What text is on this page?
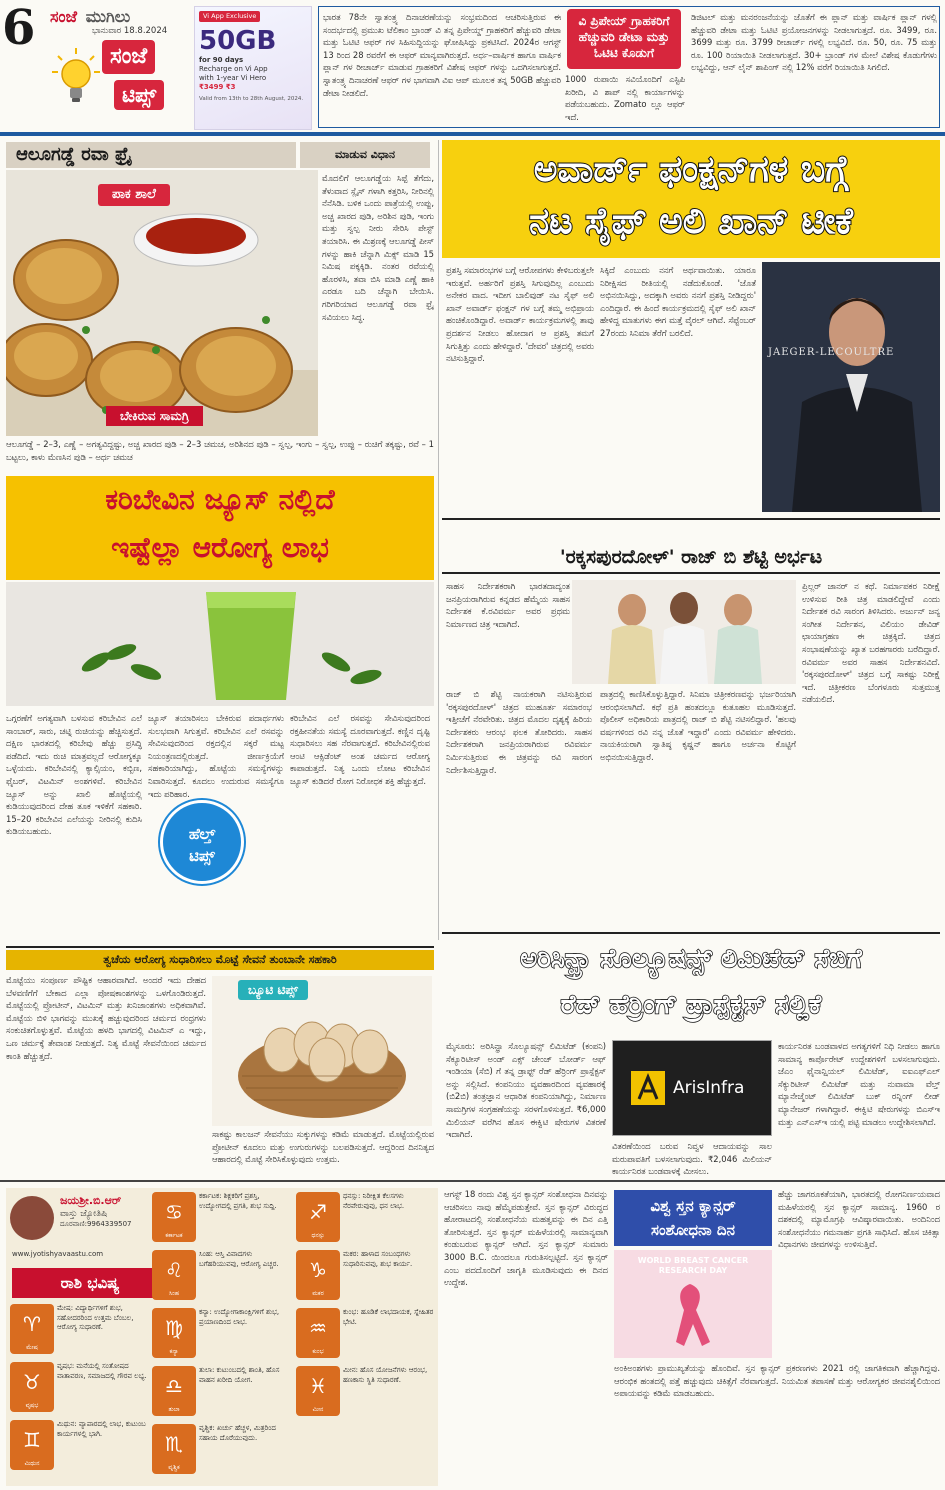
6 ಸಂಜೆ ಮುಗಿಲು
ಭಾನುವಾರ 18.8.2024
ಸಂಜೆ
ಟಿಪ್ಸ್
Vi App Exclusive
50GB
for 90 days
Recharge on Vi App
with 1-year Vi Hero
₹3499 ₹3
Valid from 13th to 28th August, 2024.
ಭಾರತ 78ನೇ ಸ್ವಾತಂತ್ರ್ಯ ದಿನಾಚರಣೆಯನ್ನು ಸಂಭ್ರಮದಿಂದ ಆಚರಿಸುತ್ತಿರುವ ಈ ಸಂದರ್ಭದಲ್ಲಿ ಪ್ರಮುಖ ಟೆಲಿಕಾಂ ಬ್ರಾಂಡ್ ವಿ ತನ್ನ ಪ್ರಿಪೇಯ್ಡ್ ಗ್ರಾಹಕರಿಗೆ ಹೆಚ್ಚುವರಿ ಡೇಟಾ ಮತ್ತು ಓಟಿಟಿ ಆಫರ್ ಗಳ ಸಿಹಿಸುದ್ದಿಯನ್ನು ಘೋಷಿಸಿದ್ದು ಪ್ರಕಟಿಸಿದೆ. 2024ರ ಆಗಸ್ಟ್ 13 ರಿಂದ 28 ರವರೆಗೆ ಈ ಆಫರ್ ಮಾನ್ಯವಾಗಿರುತ್ತದೆ. ಅರ್ಧ–ವಾರ್ಷಿಕ ಹಾಗೂ ವಾರ್ಷಿಕ ಪ್ಲಾನ್ ಗಳ ರೀಚಾರ್ಜ್ ಮಾಡುವ ಗ್ರಾಹಕರಿಗೆ ವಿಶೇಷ ಆಫರ್ ಗಳನ್ನು ಒದಗಿಸಲಾಗುತ್ತದೆ. ಸ್ವಾತಂತ್ರ್ಯ ದಿನಾಚರಣೆ ಆಫರ್ ಗಳ ಭಾಗವಾಗಿ ವಿಐ ಆಪ್ ಮೂಲಕ ತನ್ನ 50GB ಹೆಚ್ಚುವರಿ ಡೇಟಾ ನೀಡಲಿದೆ.
ವಿ ಪ್ರಿಪೇಯ್ ಗ್ರಾಹಕರಿಗೆ ಹೆಚ್ಚುವರಿ ಡೇಟಾ ಮತ್ತು ಓಟಿಟಿ ಕೊಡುಗೆ
1000 ರುಪಾಯಿ ಸವಿಯೊಂದಿಗೆ ಎಸ್ಟಿಪಿ ಖರೀದಿ, ವಿ ಶಾಪ್ ನಲ್ಲಿ ಕಾರ್ಯಾಗಳನ್ನು ಪಡೆಯಬಹುದು. Zomato ಲ್ಲೂ ಆಫರ್ ಇದೆ.
ಡಿಜಿಟಲ್ ಮತ್ತು ಮನರಂಜನೆಯನ್ನು ಜೊತೆಗೆ ಈ ಪ್ಲಾನ್ ಮತ್ತು ವಾರ್ಷಿಕ ಪ್ಲಾನ್ ಗಳಲ್ಲಿ ಹೆಚ್ಚುವರಿ ಡೇಟಾ ಮತ್ತು ಓಟಿಟಿ ಪ್ರಯೋಜನಗಳನ್ನು ನೀಡಲಾಗುತ್ತದೆ. ರೂ. 3499, ರೂ. 3699 ಮತ್ತು ರೂ. 3799 ರೀಚಾರ್ಜ್ ಗಳಲ್ಲಿ ಲಭ್ಯವಿದೆ. ರೂ. 50, ರೂ. 75 ಮತ್ತು ರೂ. 100 ರಿಯಾಯಿತಿ ನೀಡಲಾಗುತ್ತದೆ. 30+ ಬ್ರಾಂಡ್ ಗಳ ಮೇಲೆ ವಿಶೇಷ ಕೊಡುಗೆಗಳು ಲಭ್ಯವಿದ್ದು, ಆನ್ ಲೈನ್ ಶಾಪಿಂಗ್ ನಲ್ಲಿ 12% ವರೆಗೆ ರಿಯಾಯಿತಿ ಸಿಗಲಿದೆ.
ಆಲೂಗಡ್ಡೆ ರವಾ ಫ್ರೈ	ಮಾಡುವ ವಿಧಾನ
ಪಾಕ ಶಾಲೆ
ಬೇಕಿರುವ ಸಾಮಗ್ರಿ
ಮೊದಲಿಗೆ ಆಲೂಗಡ್ಡೆಯ ಸಿಪ್ಪೆ ತೆಗೆದು, ತೆಳುವಾದ ಸ್ಲೈಸ್ ಗಳಾಗಿ ಕತ್ತರಿಸಿ, ನೀರಿನಲ್ಲಿ ನೆನೆಸಿಡಿ. ಬಳಿಕ ಒಂದು ಪಾತ್ರೆಯಲ್ಲಿ ಉಪ್ಪು, ಅಚ್ಚ ಖಾರದ ಪುಡಿ, ಅರಿಶಿನ ಪುಡಿ, ಇಂಗು ಮತ್ತು ಸ್ವಲ್ಪ ನೀರು ಸೇರಿಸಿ ಪೇಸ್ಟ್ ತಯಾರಿಸಿ. ಈ ಮಿಶ್ರಣಕ್ಕೆ ಆಲೂಗಡ್ಡೆ ಪೀಸ್ ಗಳನ್ನು ಹಾಕಿ ಚೆನ್ನಾಗಿ ಮಿಕ್ಸ್ ಮಾಡಿ 15 ನಿಮಿಷ ಪಕ್ಕಕ್ಕಿಡಿ. ನಂತರ ರವೆಯಲ್ಲಿ ಹೊರಳಿಸಿ, ತವಾ ಬಿಸಿ ಮಾಡಿ ಎಣ್ಣೆ ಹಾಕಿ ಎರಡೂ ಬದಿ ಚೆನ್ನಾಗಿ ಬೇಯಿಸಿ. ಗರಿಗರಿಯಾದ ಆಲೂಗಡ್ಡೆ ರವಾ ಫ್ರೈ ಸವಿಯಲು ಸಿದ್ಧ.
ಆಲೂಗಡ್ಡೆ – 2–3, ಎಣ್ಣೆ – ಅಗತ್ಯವಿದ್ದಷ್ಟು, ಅಚ್ಚ ಖಾರದ ಪುಡಿ – 2–3 ಚಮಚ, ಅರಿಶಿನದ ಪುಡಿ – ಸ್ವಲ್ಪ, ಇಂಗು – ಸ್ವಲ್ಪ, ಉಪ್ಪು – ರುಚಿಗೆ ತಕ್ಕಷ್ಟು, ರವೆ – 1 ಬಟ್ಟಲು, ಕಾಳು ಮೆಣಸಿನ ಪುಡಿ – ಅರ್ಧ ಚಮಚ
ಅವಾರ್ಡ್ ಫಂಕ್ಷನ್‌ಗಳ ಬಗ್ಗೆ
ನಟ ಸೈಫ್ ಅಲಿ ಖಾನ್ ಟೀಕೆ
ಪ್ರಶಸ್ತಿ ಸಮಾರಂಭಗಳ ಬಗ್ಗೆ ಆರೋಪಗಳು ಕೇಳಿಬರುತ್ತಲೇ ಇರುತ್ತವೆ. ಅರ್ಹರಿಗೆ ಪ್ರಶಸ್ತಿ ಸಿಗುವುದಿಲ್ಲ ಎಂಬುದು ಅನೇಕರ ವಾದ. ಇದೀಗ ಬಾಲಿವುಡ್ ನಟ ಸೈಫ್ ಅಲಿ ಖಾನ್ ಅವಾರ್ಡ್ ಫಂಕ್ಷನ್ ಗಳ ಬಗ್ಗೆ ತಮ್ಮ ಅಭಿಪ್ರಾಯ ಹಂಚಿಕೊಂಡಿದ್ದಾರೆ. ಅವಾರ್ಡ್ ಕಾರ್ಯಕ್ರಮಗಳಲ್ಲಿ ತಾವು ಪ್ರದರ್ಶನ ನೀಡಲು ಹೋದಾಗ ಆ ಪ್ರಶಸ್ತಿ ತಮಗೆ ಸಿಗುತ್ತಿತ್ತು ಎಂದು ಹೇಳಿದ್ದಾರೆ. 'ದೇವರ' ಚಿತ್ರದಲ್ಲಿ ಅವರು ನಟಿಸುತ್ತಿದ್ದಾರೆ.
ಸಿಕ್ಕಿದೆ ಎಂಬುದು ನನಗೆ ಅರ್ಥವಾಯಿತು. ಯಾರೂ ನಿರೀಕ್ಷಿಸದ ರೀತಿಯಲ್ಲಿ ನಡೆದುಕೊಂಡೆ. 'ಜೊತೆ ಅಭಿನಯಿಸಿದ್ದು, ಅದಕ್ಕಾಗಿ ಅವರು ನನಗೆ ಪ್ರಶಸ್ತಿ ನೀಡಿದ್ದರು' ಎಂದಿದ್ದಾರೆ. ಈ ಹಿಂದೆ ಕಾರ್ಯಕ್ರಮದಲ್ಲಿ ಸೈಫ್ ಅಲಿ ಖಾನ್ ಹೇಳಿದ್ದ ಮಾತುಗಳು ಈಗ ಮತ್ತೆ ವೈರಲ್ ಆಗಿವೆ. ಸೆಪ್ಟೆಂಬರ್ 27ರಂದು ಸಿನಿಮಾ ತೆರೆಗೆ ಬರಲಿದೆ.
JAEGER-LECOULTRE
ಕರಿಬೇವಿನ ಜ್ಯೂಸ್ ನಲ್ಲಿದೆ
ಇಷ್ಟೆಲ್ಲಾ ಆರೋಗ್ಯ ಲಾಭ
ಒಗ್ಗರಣೆಗೆ ಅಗತ್ಯವಾಗಿ ಬಳಸುವ ಕರಿಬೇವಿನ ಎಲೆ ಸಾಂಬಾರ್, ಸಾರು, ಚಟ್ನಿ ರುಚಿಯನ್ನು ಹೆಚ್ಚಿಸುತ್ತದೆ. ದಕ್ಷಿಣ ಭಾರತದಲ್ಲಿ ಕರಿಬೇವು ಹೆಚ್ಚು ಪ್ರಸಿದ್ಧಿ ಪಡೆದಿದೆ. ಇದು ರುಚಿ ಮಾತ್ರವಲ್ಲದೆ ಆರೋಗ್ಯಕ್ಕೂ ಒಳ್ಳೆಯದು. ಕರಿಬೇವಿನಲ್ಲಿ ಕ್ಯಾಲ್ಸಿಯಂ, ಕಬ್ಬಿಣ, ಫೈಬರ್, ವಿಟಮಿನ್ ಅಂಶಗಳಿವೆ. ಕರಿಬೇವಿನ ಜ್ಯೂಸ್ ಅನ್ನು ಖಾಲಿ ಹೊಟ್ಟೆಯಲ್ಲಿ ಕುಡಿಯುವುದರಿಂದ ದೇಹ ತೂಕ ಇಳಿಕೆಗೆ ಸಹಕಾರಿ. 15–20 ಕರಿಬೇವಿನ ಎಲೆಯನ್ನು ನೀರಿನಲ್ಲಿ ಕುದಿಸಿ ಕುಡಿಯಬಹುದು.
ಜ್ಯೂಸ್ ತಯಾರಿಸಲು ಬೇಕಿರುವ ಪದಾರ್ಥಗಳು ಸುಲಭವಾಗಿ ಸಿಗುತ್ತವೆ. ಕರಿಬೇವಿನ ಎಲೆ ರಸವನ್ನು ಸೇವಿಸುವುದರಿಂದ ರಕ್ತದಲ್ಲಿನ ಸಕ್ಕರೆ ಮಟ್ಟ ನಿಯಂತ್ರಣದಲ್ಲಿರುತ್ತದೆ. ಜೀರ್ಣಕ್ರಿಯೆಗೆ ಸಹಕಾರಿಯಾಗಿದ್ದು, ಹೊಟ್ಟೆಯ ಸಮಸ್ಯೆಗಳನ್ನು ನಿವಾರಿಸುತ್ತದೆ. ಕೂದಲು ಉದುರುವ ಸಮಸ್ಯೆಗೂ ಇದು ಪರಿಹಾರ.
ಕರಿಬೇವಿನ ಎಲೆ ರಸವನ್ನು ಸೇವಿಸುವುದರಿಂದ ರಕ್ತಹೀನತೆಯ ಸಮಸ್ಯೆ ದೂರವಾಗುತ್ತದೆ. ಕಣ್ಣಿನ ದೃಷ್ಟಿ ಸುಧಾರಿಸಲು ಸಹ ನೆರವಾಗುತ್ತದೆ. ಕರಿಬೇವಿನಲ್ಲಿರುವ ಆಂಟಿ ಆಕ್ಸಿಡೆಂಟ್ ಅಂಶ ಚರ್ಮದ ಆರೋಗ್ಯ ಕಾಪಾಡುತ್ತದೆ. ನಿತ್ಯ ಒಂದು ಲೋಟ ಕರಿಬೇವಿನ ಜ್ಯೂಸ್ ಕುಡಿದರೆ ರೋಗ ನಿರೋಧಕ ಶಕ್ತಿ ಹೆಚ್ಚುತ್ತದೆ.
ಹೆಲ್ತ್
ಟಿಪ್ಸ್
'ರಕ್ಕಸಪುರದೋಳ್' ರಾಜ್ ಬಿ ಶೆಟ್ಟಿ ಅರ್ಭಟ
ಸಾಹಸ ನಿರ್ದೇಶಕರಾಗಿ ಭಾರತದಾದ್ಯಂತ ಜನಪ್ರಿಯರಾಗಿರುವ ಕನ್ನಡದ ಹೆಮ್ಮೆಯ ಸಾಹಸ ನಿರ್ದೇಶಕ ಕೆ.ರವಿವರ್ಮ ಅವರ ಪ್ರಥಮ ನಿರ್ಮಾಣದ ಚಿತ್ರ ಇದಾಗಿದೆ.
ರಾಜ್ ಬಿ ಶೆಟ್ಟಿ ನಾಯಕರಾಗಿ ನಟಿಸುತ್ತಿರುವ 'ರಕ್ಕಸಪುರದೋಳ್' ಚಿತ್ರದ ಮುಹೂರ್ತ ಸಮಾರಂಭ ಇತ್ತೀಚೆಗೆ ನೆರವೇರಿತು. ಚಿತ್ರದ ಮೊದಲ ದೃಶ್ಯಕ್ಕೆ ಹಿರಿಯ ನಿರ್ದೇಶಕರು ಆರಂಭ ಫಲಕ ತೋರಿದರು. ಸಾಹಸ ನಿರ್ದೇಶಕರಾಗಿ ಜನಪ್ರಿಯರಾಗಿರುವ ರವಿವರ್ಮ ನಿರ್ಮಿಸುತ್ತಿರುವ ಈ ಚಿತ್ರವನ್ನು ರವಿ ಸಾರಂಗ ನಿರ್ದೇಶಿಸುತ್ತಿದ್ದಾರೆ.
ಪಾತ್ರದಲ್ಲಿ ಕಾಣಿಸಿಕೊಳ್ಳುತ್ತಿದ್ದಾರೆ. ಸಿನಿಮಾ ಚಿತ್ರೀಕರಣವನ್ನು ಭರ್ಜರಿಯಾಗಿ ಆರಂಭಿಸಲಾಗಿದೆ. ಕಥೆ ಪ್ರತಿ ಹಂತದಲ್ಲೂ ಕುತೂಹಲ ಮೂಡಿಸುತ್ತದೆ. ಪೊಲೀಸ್ ಅಧಿಕಾರಿಯ ಪಾತ್ರದಲ್ಲಿ ರಾಜ್ ಬಿ ಶೆಟ್ಟಿ ನಟಿಸಲಿದ್ದಾರೆ. 'ಹಲವು ವರ್ಷಗಳಿಂದ ರವಿ ನನ್ನ ಜೊತೆ ಇದ್ದಾರೆ' ಎಂದು ರವಿವರ್ಮ ಹೇಳಿದರು. ನಾಯಕಿಯರಾಗಿ ಸ್ವಾತಿಷ್ಠ ಕೃಷ್ಣನ್ ಹಾಗೂ ಅರ್ಚನಾ ಕೊಟ್ಟಿಗೆ ಅಭಿನಯಿಸುತ್ತಿದ್ದಾರೆ.
ಪ್ರಿಲ್ಲರ್ ಜಾನರ್ ನ ಕಥೆ. ನಿರ್ಮಾಪಕರ ನಿರೀಕ್ಷೆ ಉಳಿಸುವ ರೀತಿ ಚಿತ್ರ ಮಾಡಲಿದ್ದೇವೆ ಎಂದು ನಿರ್ದೇಶಕ ರವಿ ಸಾರಂಗ ತಿಳಿಸಿದರು. ಅರ್ಜುನ್ ಜನ್ಯ ಸಂಗೀತ ನಿರ್ದೇಶನ, ವಿಲಿಯಂ ಡೇವಿಡ್ ಛಾಯಾಗ್ರಹಣ ಈ ಚಿತ್ರಕ್ಕಿದೆ. ಚಿತ್ರದ ಸಂಭಾಷಣೆಯನ್ನು ಖ್ಯಾತ ಬರಹಗಾರರು ಬರೆದಿದ್ದಾರೆ. ರವಿವರ್ಮ ಅವರ ಸಾಹಸ ನಿರ್ದೇಶನವಿದೆ. 'ರಕ್ಕಸಪುರದೋಳ್' ಚಿತ್ರದ ಬಗ್ಗೆ ಸಾಕಷ್ಟು ನಿರೀಕ್ಷೆ ಇದೆ. ಚಿತ್ರೀಕರಣ ಬೆಂಗಳೂರು ಸುತ್ತಮುತ್ತ ನಡೆಯಲಿದೆ.
ತ್ವಚೆಯ ಆರೋಗ್ಯ ಸುಧಾರಿಸಲು ಮೊಟ್ಟೆ ಸೇವನೆ ತುಂಬಾನೇ ಸಹಕಾರಿ
ಮೊಟ್ಟೆಯು ಸಂಪೂರ್ಣ ಪೌಷ್ಟಿಕ ಆಹಾರವಾಗಿದೆ. ಅಂದರೆ ಇದು ದೇಹದ ಬೆಳವಣಿಗೆಗೆ ಬೇಕಾದ ಎಲ್ಲಾ ಪೋಷಕಾಂಶಗಳನ್ನು ಒಳಗೊಂಡಿರುತ್ತದೆ. ಮೊಟ್ಟೆಯಲ್ಲಿ ಪ್ರೋಟೀನ್, ವಿಟಮಿನ್ ಮತ್ತು ಖನಿಜಾಂಶಗಳು ಅಧಿಕವಾಗಿವೆ. ಮೊಟ್ಟೆಯ ಬಿಳಿ ಭಾಗವನ್ನು ಮುಖಕ್ಕೆ ಹಚ್ಚುವುದರಿಂದ ಚರ್ಮದ ರಂಧ್ರಗಳು ಸಂಕುಚಿತಗೊಳ್ಳುತ್ತವೆ. ಮೊಟ್ಟೆಯ ಹಳದಿ ಭಾಗದಲ್ಲಿ ವಿಟಮಿನ್ ಎ ಇದ್ದು, ಒಣ ಚರ್ಮಕ್ಕೆ ತೇವಾಂಶ ನೀಡುತ್ತದೆ. ನಿತ್ಯ ಮೊಟ್ಟೆ ಸೇವನೆಯಿಂದ ಚರ್ಮದ ಕಾಂತಿ ಹೆಚ್ಚುತ್ತದೆ.
ಬ್ಯೂಟಿ ಟಿಪ್ಸ್
ಸಾಕಷ್ಟು ಕಾಲಜನ್ ಸೇವನೆಯು ಸುಕ್ಕುಗಳನ್ನು ಕಡಿಮೆ ಮಾಡುತ್ತದೆ. ಮೊಟ್ಟೆಯಲ್ಲಿರುವ ಪ್ರೋಟೀನ್ ಕೂದಲು ಮತ್ತು ಉಗುರುಗಳನ್ನು ಬಲಪಡಿಸುತ್ತದೆ. ಆದ್ದರಿಂದ ದಿನನಿತ್ಯದ ಆಹಾರದಲ್ಲಿ ಮೊಟ್ಟೆ ಸೇರಿಸಿಕೊಳ್ಳುವುದು ಉತ್ತಮ.
ಅರಿಸಿನ್ಫ್ರಾ ಸೊಲ್ಯೂಷನ್ಸ್ ಲಿಮಿಟೆಡ್ ಸೆಬಿಗೆ
ರೆಡ್ ಹೆರ್ರಿಂಗ್ ಪ್ರಾಸ್ಪೆಕ್ಟಸ್ ಸಲ್ಲಿಕೆ
ಮೈಸೂರು: ಅರಿಸಿನ್ಫ್ರಾ ಸೊಲ್ಯೂಷನ್ಸ್ ಲಿಮಿಟೆಡ್ (ಕಂಪನಿ) ಸೆಕ್ಯೂರಿಟೀಸ್ ಅಂಡ್ ಎಕ್ಸ್ ಚೇಂಜ್ ಬೋರ್ಡ್ ಆಫ್ ಇಂಡಿಯಾ (ಸೆಬಿ) ಗೆ ತನ್ನ ಡ್ರಾಫ್ಟ್ ರೆಡ್ ಹೆರ್ರಿಂಗ್ ಪ್ರಾಸ್ಪೆಕ್ಟಸ್ ಅನ್ನು ಸಲ್ಲಿಸಿದೆ. ಕಂಪನಿಯು ವ್ಯವಹಾರದಿಂದ ವ್ಯವಹಾರಕ್ಕೆ (ಬಿ2ಬಿ) ತಂತ್ರಜ್ಞಾನ ಆಧಾರಿತ ಕಂಪನಿಯಾಗಿದ್ದು, ನಿರ್ಮಾಣ ಸಾಮಗ್ರಿಗಳ ಸಂಗ್ರಹಣೆಯನ್ನು ಸರಳಗೊಳಿಸುತ್ತದೆ. ₹6,000 ಮಿಲಿಯನ್ ವರೆಗಿನ ಹೊಸ ಈಕ್ವಿಟಿ ಷೇರುಗಳ ವಿತರಣೆ ಇದಾಗಿದೆ.
ArisInfra
ವಿತರಣೆಯಿಂದ ಬರುವ ನಿವ್ವಳ ಆದಾಯವನ್ನು ಸಾಲ ಮರುಪಾವತಿಗೆ ಬಳಸಲಾಗುವುದು. ₹2,046 ಮಿಲಿಯನ್ ಕಾರ್ಯನಿರತ ಬಂಡವಾಳಕ್ಕೆ ಮೀಸಲು.
ಕಾರ್ಯನಿರತ ಬಂಡವಾಳದ ಅಗತ್ಯಗಳಿಗೆ ನಿಧಿ ನೀಡಲು ಹಾಗೂ ಸಾಮಾನ್ಯ ಕಾರ್ಪೊರೇಟ್ ಉದ್ದೇಶಗಳಿಗೆ ಬಳಸಲಾಗುವುದು. ಜೆಎಂ ಫೈನಾನ್ಷಿಯಲ್ ಲಿಮಿಟೆಡ್, ಐಐಎಫ್ಎಲ್ ಸೆಕ್ಯುರಿಟೀಸ್ ಲಿಮಿಟೆಡ್ ಮತ್ತು ನುವಾಮಾ ವೆಲ್ತ್ ಮ್ಯಾನೇಜ್ಮೆಂಟ್ ಲಿಮಿಟೆಡ್ ಬುಕ್ ರನ್ನಿಂಗ್ ಲೀಡ್ ಮ್ಯಾನೇಜರ್ ಗಳಾಗಿದ್ದಾರೆ. ಈಕ್ವಿಟಿ ಷೇರುಗಳನ್ನು ಬಿಎಸ್ಇ ಮತ್ತು ಎನ್ಎಸ್ಇ ಯಲ್ಲಿ ಪಟ್ಟಿ ಮಾಡಲು ಉದ್ದೇಶಿಸಲಾಗಿದೆ.
ಜಯಶ್ರೀ.ಬಿ.ಆರ್
ವಾಸ್ತು ಜ್ಯೋತಿಷಿ
ದೂರವಾಣಿ:9964339507
www.jyotishyavaastu.com
ರಾಶಿ ಭವಿಷ್ಯ
♈
ಮೇಷ
ಮೇಷ: ವಿದ್ಯಾರ್ಥಿಗಳಿಗೆ ಶುಭ, ಸಹೋದರರಿಂದ ಉತ್ತಮ ಬೆಂಬಲ, ಆರೋಗ್ಯ ಸುಧಾರಣೆ.
♉
ವೃಷಭ
ವೃಷಭ: ಮನೆಯಲ್ಲಿ ಸಂತೋಷದ ವಾತಾವರಣ, ಸಮಾಜದಲ್ಲಿ ಗೌರವ ಲಭ್ಯ.
♊
ಮಿಥುನ
ಮಿಥುನ: ವ್ಯಾಪಾರದಲ್ಲಿ ಲಾಭ, ಕುಟುಂಬ ಕಾರ್ಯಗಳಲ್ಲಿ ಭಾಗಿ.
♋
ಕರ್ಕಾಟಕ
ಕರ್ಕಾಟಕ: ಶಿಕ್ಷಕರಿಗೆ ಪ್ರಶಸ್ತಿ, ಉದ್ಯೋಗದಲ್ಲಿ ಪ್ರಗತಿ, ಶುಭ ಸುದ್ದಿ.
♌
ಸಿಂಹ
ಸಿಂಹ: ಆಸ್ತಿ ವಿವಾದಗಳು ಬಗೆಹರಿಯುವವು, ಆರೋಗ್ಯ ಎಚ್ಚರ.
♍
ಕನ್ಯಾ
ಕನ್ಯಾ: ಉದ್ಯೋಗಾಕಾಂಕ್ಷಿಗಳಿಗೆ ಶುಭ, ಪ್ರಯಾಣದಿಂದ ಲಾಭ.
♎
ತುಲಾ
ತುಲಾ: ಕುಟುಂಬದಲ್ಲಿ ಶಾಂತಿ, ಹೊಸ ವಾಹನ ಖರೀದಿ ಯೋಗ.
♏
ವೃಶ್ಚಿಕ
ವೃಶ್ಚಿಕ: ಖರ್ಚು ಹೆಚ್ಚಳ, ಮಿತ್ರರಿಂದ ಸಹಾಯ ದೊರೆಯುವುದು.
♐
ಧನಸ್ಸು
ಧನಸ್ಸು: ನಿರೀಕ್ಷಿತ ಕೆಲಸಗಳು ನೆರವೇರುವುವು, ಧನ ಲಾಭ.
♑
ಮಕರ
ಮಕರ: ಹಾಳಾದ ಸಂಬಂಧಗಳು ಸುಧಾರಿಸುವವು, ಶುಭ ಕಾರ್ಯ.
♒
ಕುಂಭ
ಕುಂಭ: ಹೂಡಿಕೆ ಲಾಭದಾಯಕ, ಸ್ನೇಹಿತರ ಭೇಟಿ.
♓
ಮೀನ
ಮೀನ: ಹೊಸ ಯೋಜನೆಗಳು ಆರಂಭ, ಹಣಕಾಸು ಸ್ಥಿತಿ ಸುಧಾರಣೆ.
ಆಗಸ್ಟ್ 18 ರಂದು ವಿಶ್ವ ಸ್ತನ ಕ್ಯಾನ್ಸರ್ ಸಂಶೋಧನಾ ದಿನವನ್ನು ಆಚರಿಸಲು ನಾವು ಹೆಮ್ಮೆಪಡುತ್ತೇವೆ. ಸ್ತನ ಕ್ಯಾನ್ಸರ್ ವಿರುದ್ಧದ ಹೋರಾಟದಲ್ಲಿ ಸಂಶೋಧನೆಯ ಮಹತ್ವವನ್ನು ಈ ದಿನ ಎತ್ತಿ ತೋರಿಸುತ್ತದೆ. ಸ್ತನ ಕ್ಯಾನ್ಸರ್ ಮಹಿಳೆಯರಲ್ಲಿ ಸಾಮಾನ್ಯವಾಗಿ ಕಂಡುಬರುವ ಕ್ಯಾನ್ಸರ್ ಆಗಿದೆ. ಸ್ತನ ಕ್ಯಾನ್ಸರ್ ಸುಮಾರು 3000 B.C. ಯಿಂದಲೂ ಗುರುತಿಸಲ್ಪಟ್ಟಿದೆ. ಸ್ತನ ಕ್ಯಾನ್ಸರ್ ಎಂಬ ಪದದೊಂದಿಗೆ ಜಾಗೃತಿ ಮೂಡಿಸುವುದು ಈ ದಿನದ ಉದ್ದೇಶ.
ವಿಶ್ವ ಸ್ತನ ಕ್ಯಾನ್ಸರ್
ಸಂಶೋಧನಾ ದಿನ
WORLD BREAST CANCER RESEARCH DAY
ಹೆಚ್ಚು ಜಾಗರೂಕತೆಯಾಗಿ, ಭಾರತದಲ್ಲಿ ರೋಗನಿರ್ಣಯವಾದ ಮಹಿಳೆಯರಲ್ಲಿ ಸ್ತನ ಕ್ಯಾನ್ಸರ್ ಸಾಮಾನ್ಯ. 1960 ರ ದಶಕದಲ್ಲಿ ಮ್ಯಾಮೊಗ್ರಫಿ ಆವಿಷ್ಕಾರವಾಯಿತು. ಅಂದಿನಿಂದ ಸಂಶೋಧನೆಯು ಗಮನಾರ್ಹ ಪ್ರಗತಿ ಸಾಧಿಸಿದೆ. ಹೊಸ ಚಿಕಿತ್ಸಾ ವಿಧಾನಗಳು ಜೀವಗಳನ್ನು ಉಳಿಸುತ್ತಿವೆ.
ಅಂಕಿಅಂಶಗಳು ಪ್ರಾಮುಖ್ಯತೆಯನ್ನು ಹೊಂದಿವೆ. ಸ್ತನ ಕ್ಯಾನ್ಸರ್ ಪ್ರಕರಣಗಳು 2021 ರಲ್ಲಿ ಜಾಗತಿಕವಾಗಿ ಹೆಚ್ಚಾಗಿದ್ದವು. ಆರಂಭಿಕ ಹಂತದಲ್ಲಿ ಪತ್ತೆ ಹಚ್ಚುವುದು ಚಿಕಿತ್ಸೆಗೆ ನೆರವಾಗುತ್ತದೆ. ನಿಯಮಿತ ತಪಾಸಣೆ ಮತ್ತು ಆರೋಗ್ಯಕರ ಜೀವನಶೈಲಿಯಿಂದ ಅಪಾಯವನ್ನು ಕಡಿಮೆ ಮಾಡಬಹುದು.
